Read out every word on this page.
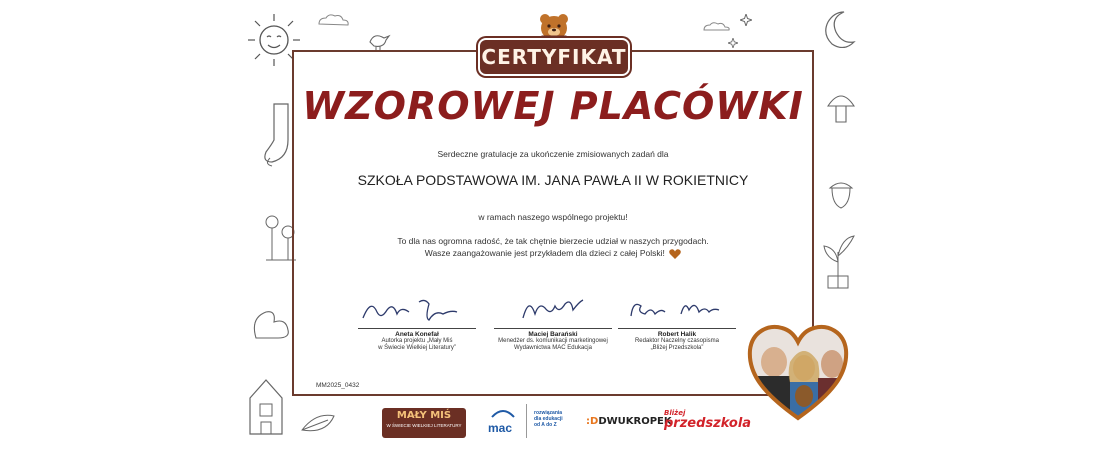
CERTYFIKAT
WZOROWEJ PLACÓWKI
Serdeczne gratulacje za ukończenie zmisiowanych zadań dla
SZKOŁA PODSTAWOWA IM. JANA PAWŁA II W ROKIETNICY
w ramach naszego wspólnego projektu!
To dla nas ogromna radość, że tak chętnie bierzecie udział w naszych przygodach.
Wasze zaangażowanie jest przykładem dla dzieci z całej Polski!
Aneta Konefał
Autorka projektu „Mały Miś
w Świecie Wielkiej Literatury”
Maciej Barański
Menedżer ds. komunikacji marketingowej
Wydawnictwa MAC Edukacja
Robert Halik
Redaktor Naczelny czasopisma
„Bliżej Przedszkola”
MM2025_0432
MAŁY MIŚ
W ŚWIECIE WIELKIEJ LITERATURY	mac
rozwiązania
dla edukacji
od A do Z	:DDWUKROPEK
Bliżej
przedszkola
